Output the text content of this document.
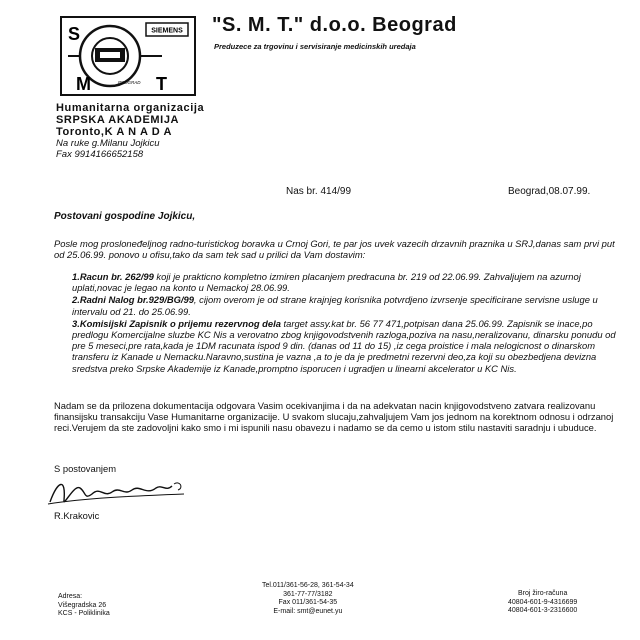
SIEMENS
S
M	T
BEOGRAD
"S. M. T." d.o.o. Beograd
Preduzece za trgovinu i servisiranje medicinskih uredaja

Humanitarna organizacija

SRPSKA AKADEMIJA

Toronto,K A N A D A

Na ruke g.Milanu Jojkicu

Fax 9914166652158

Nas br. 414/99	Beograd,08.07.99.
Postovani gospodine Jojkicu,
Posle mog prosloneđeljnog radno-turistickog boravka u Crnoj Gori, te par jos uvek vazecih drzavnih praznika u SRJ,danas sam prvi put od 25.06.99. ponovo u ofisu,tako da sam tek sad u prilici da Vam dostavim:

1.Racun br. 262/99 koji je prakticno kompletno izmiren placanjem predracuna br. 219 od 22.06.99. Zahvaljujem na azurnoj uplati,novac je legao na konto u Nemackoj 28.06.99.

2.Radni Nalog br.929/BG/99, cijom overom je od strane krajnjeg korisnika potvrdjeno izvrsenje specificirane servisne usluge u intervalu od 21. do 25.06.99.

3.Komisijski Zapisnik o prijemu rezervnog dela target assy.kat br. 56 77 471,potpisan dana 25.06.99. Zapisnik se inace,po predlogu Komercijalne sluzbe KC Nis a verovatno zbog knjigovodstvenih razloga,poziva na nasu,neralizovanu, dinarsku ponudu od pre 5 meseci,pre rata,kada je 1DM racunata ispod 9 din. (danas od 11 do 15) ,iz cega proistice i mala nelogicnost o dinarskom transferu iz Kanade u Nemacku.Naravno,sustina je vazna ,a to je da je predmetni rezervni deo,za koji su obezbedjena devizna sredstva preko Srpske Akademije iz Kanade,promptno isporucen i ugradjen u linearni akcelerator u KC Nis.

Nadam se da prilozena dokumentacija odgovara Vasim ocekivanjima i da na adekvatan nacin knjigovodstveno zatvara realizovanu finansijsku transakciju Vase Humanitarne organizacije. U svakom slucaju,zahvaljujem Vam jos jednom na korektnom odnosu i odrzanoj reci.Verujem da ste zadovoljni kako smo i mi ispunili nasu obavezu i nadamo se da cemo u istom stilu nastaviti saradnju i ubuduce.
S postovanjem
R.Krakovic

Adresa:

Višegradska 26

KCS - Poliklinika

Tel.011/361-56-28, 361-54-34

361-77-77/3182

Fax 011/361-54-35

E-mail: smt@eunet.yu

Broj žiro-računa

40804-601-9-4316699

40804-601-3-2316600
